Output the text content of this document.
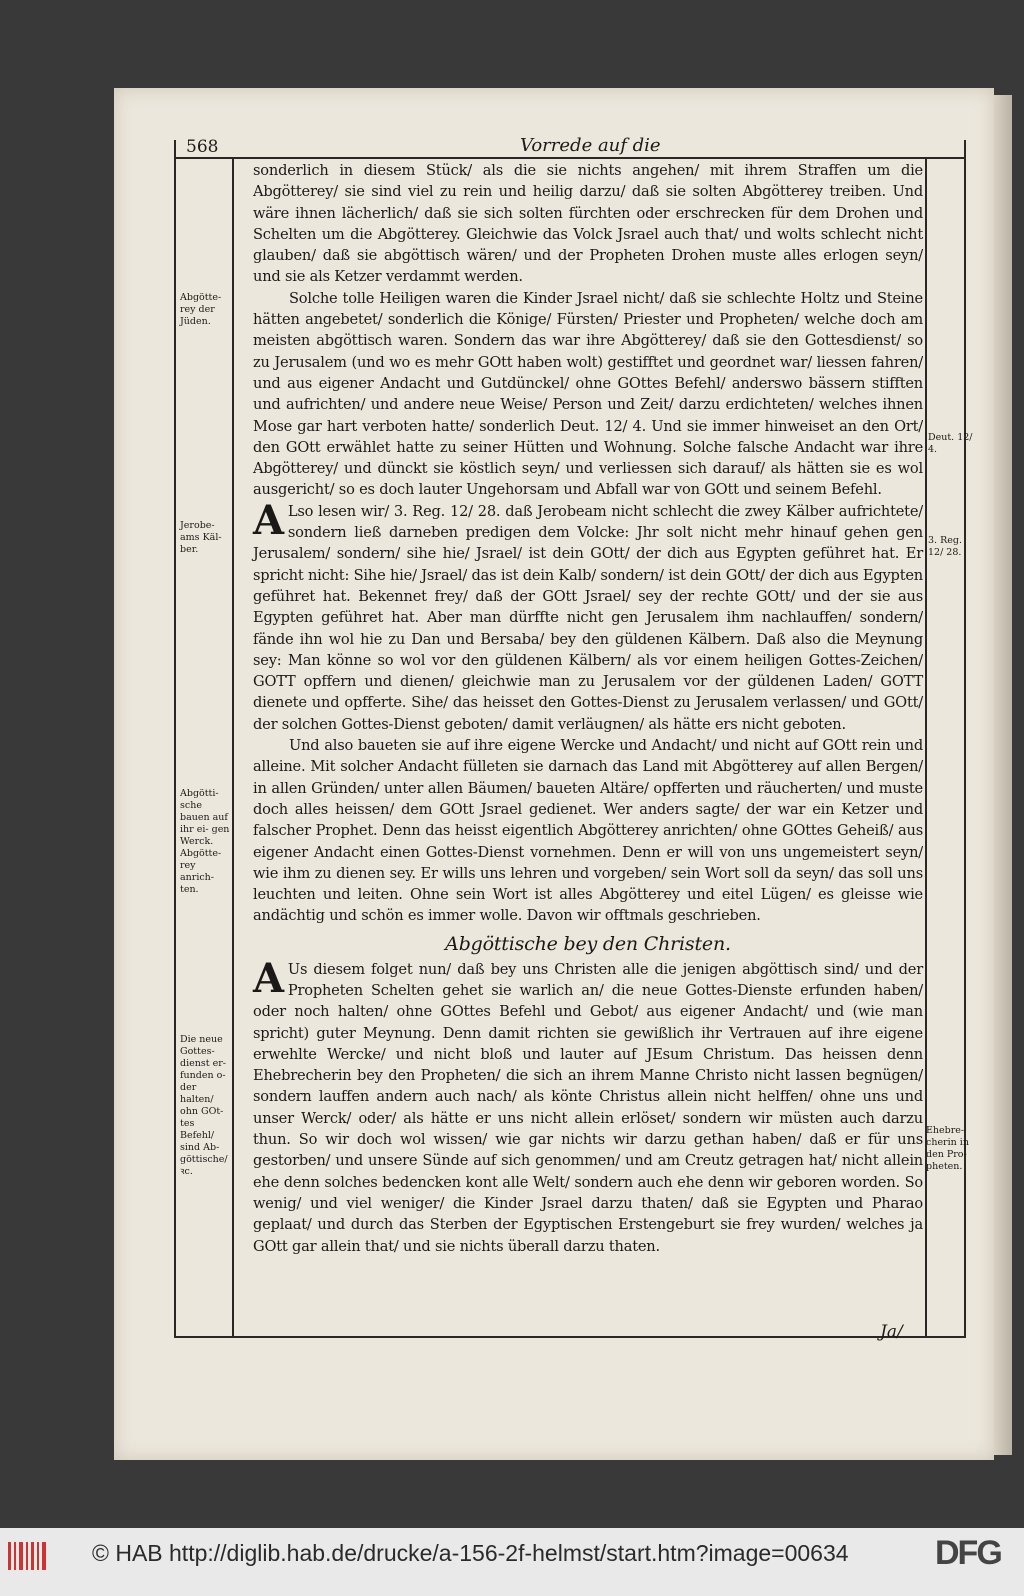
568	Vorrede auf die
Abgötte- rey der Jüden.
Jerobe- ams Käl- ber.
Abgötti- sche bauen auf ihr ei- gen Werck. Abgötte- rey anrich- ten.
Die neue Gottes- dienst er- funden o- der halten/ ohn GOt- tes Befehl/ sind Ab- göttische/ ꝛc.
Deut. 12/ 4.
3. Reg. 12/ 28.
Ehebre- cherin in den Pro- pheten.

sonderlich in diesem Stück/ als die sie nichts angehen/ mit ihrem Straffen um die Abgötterey/ sie sind viel zu rein und heilig darzu/ daß sie solten Abgötterey treiben. Und wäre ihnen lächerlich/ daß sie sich solten fürchten oder erschrecken für dem Drohen und Schelten um die Abgötterey. Gleichwie das Volck Jsrael auch that/ und wolts schlecht nicht glauben/ daß sie abgöttisch wären/ und der Propheten Drohen muste alles erlogen seyn/ und sie als Ketzer verdammt werden.

Solche tolle Heiligen waren die Kinder Jsrael nicht/ daß sie schlechte Holtz und Steine hätten angebetet/ sonderlich die Könige/ Fürsten/ Priester und Propheten/ welche doch am meisten abgöttisch waren. Sondern das war ihre Abgötterey/ daß sie den Gottesdienst/ so zu Jerusalem (und wo es mehr GOtt haben wolt) gestifftet und geordnet war/ liessen fahren/ und aus eigener Andacht und Gutdünckel/ ohne GOttes Befehl/ anderswo bässern stifften und aufrichten/ und andere neue Weise/ Person und Zeit/ darzu erdichteten/ welches ihnen Mose gar hart verboten hatte/ sonderlich Deut. 12/ 4. Und sie immer hinweiset an den Ort/ den GOtt erwählet hatte zu seiner Hütten und Wohnung. Solche falsche Andacht war ihre Abgötterey/ und dünckt sie köstlich seyn/ und verliessen sich darauf/ als hätten sie es wol ausgericht/ so es doch lauter Ungehorsam und Abfall war von GOtt und seinem Befehl.

A Lso lesen wir/ 3. Reg. 12/ 28. daß Jerobeam nicht schlecht die zwey Kälber aufrichtete/ sondern ließ darneben predigen dem Volcke: Jhr solt nicht mehr hinauf gehen gen Jerusalem/ sondern/ sihe hie/ Jsrael/ ist dein GOtt/ der dich aus Egypten geführet hat. Er spricht nicht: Sihe hie/ Jsrael/ das ist dein Kalb/ sondern/ ist dein GOtt/ der dich aus Egypten geführet hat. Bekennet frey/ daß der GOtt Jsrael/ sey der rechte GOtt/ und der sie aus Egypten geführet hat. Aber man dürffte nicht gen Jerusalem ihm nachlauffen/ sondern/ fände ihn wol hie zu Dan und Bersaba/ bey den güldenen Kälbern. Daß also die Meynung sey: Man könne so wol vor den güldenen Kälbern/ als vor einem heiligen Gottes-Zeichen/ GOTT opffern und dienen/ gleichwie man zu Jerusalem vor der güldenen Laden/ GOTT dienete und opfferte. Sihe/ das heisset den Gottes-Dienst zu Jerusalem verlassen/ und GOtt/ der solchen Gottes-Dienst geboten/ damit verläugnen/ als hätte ers nicht geboten.

Und also baueten sie auf ihre eigene Wercke und Andacht/ und nicht auf GOtt rein und alleine. Mit solcher Andacht fülleten sie darnach das Land mit Abgötterey auf allen Bergen/ in allen Gründen/ unter allen Bäumen/ baueten Altäre/ opfferten und räucherten/ und muste doch alles heissen/ dem GOtt Jsrael gedienet. Wer anders sagte/ der war ein Ketzer und falscher Prophet. Denn das heisst eigentlich Abgötterey anrichten/ ohne GOttes Geheiß/ aus eigener Andacht einen Gottes-Dienst vornehmen. Denn er will von uns ungemeistert seyn/ wie ihm zu dienen sey. Er wills uns lehren und vorgeben/ sein Wort soll da seyn/ das soll uns leuchten und leiten. Ohne sein Wort ist alles Abgötterey und eitel Lügen/ es gleisse wie andächtig und schön es immer wolle. Davon wir offtmals geschrieben.

Abgöttische bey den Christen.

A Us diesem folget nun/ daß bey uns Christen alle die jenigen abgöttisch sind/ und der Propheten Schelten gehet sie warlich an/ die neue Gottes-Dienste erfunden haben/ oder noch halten/ ohne GOttes Befehl und Gebot/ aus eigener Andacht/ und (wie man spricht) guter Meynung. Denn damit richten sie gewißlich ihr Vertrauen auf ihre eigene erwehlte Wercke/ und nicht bloß und lauter auf JEsum Christum. Das heissen denn Ehebrecherin bey den Propheten/ die sich an ihrem Manne Christo nicht lassen begnügen/ sondern lauffen andern auch nach/ als könte Christus allein nicht helffen/ ohne uns und unser Werck/ oder/ als hätte er uns nicht allein erlöset/ sondern wir müsten auch darzu thun. So wir doch wol wissen/ wie gar nichts wir darzu gethan haben/ daß er für uns gestorben/ und unsere Sünde auf sich genommen/ und am Creutz getragen hat/ nicht allein ehe denn solches bedencken kont alle Welt/ sondern auch ehe denn wir geboren worden. So wenig/ und viel weniger/ die Kinder Jsrael darzu thaten/ daß sie Egypten und Pharao geplaat/ und durch das Sterben der Egyptischen Erstengeburt sie frey wurden/ welches ja GOtt gar allein that/ und sie nichts überall darzu thaten.

Ja/
© HAB http://diglib.hab.de/drucke/a-156-2f-helmst/start.htm?image=00634	DFG
